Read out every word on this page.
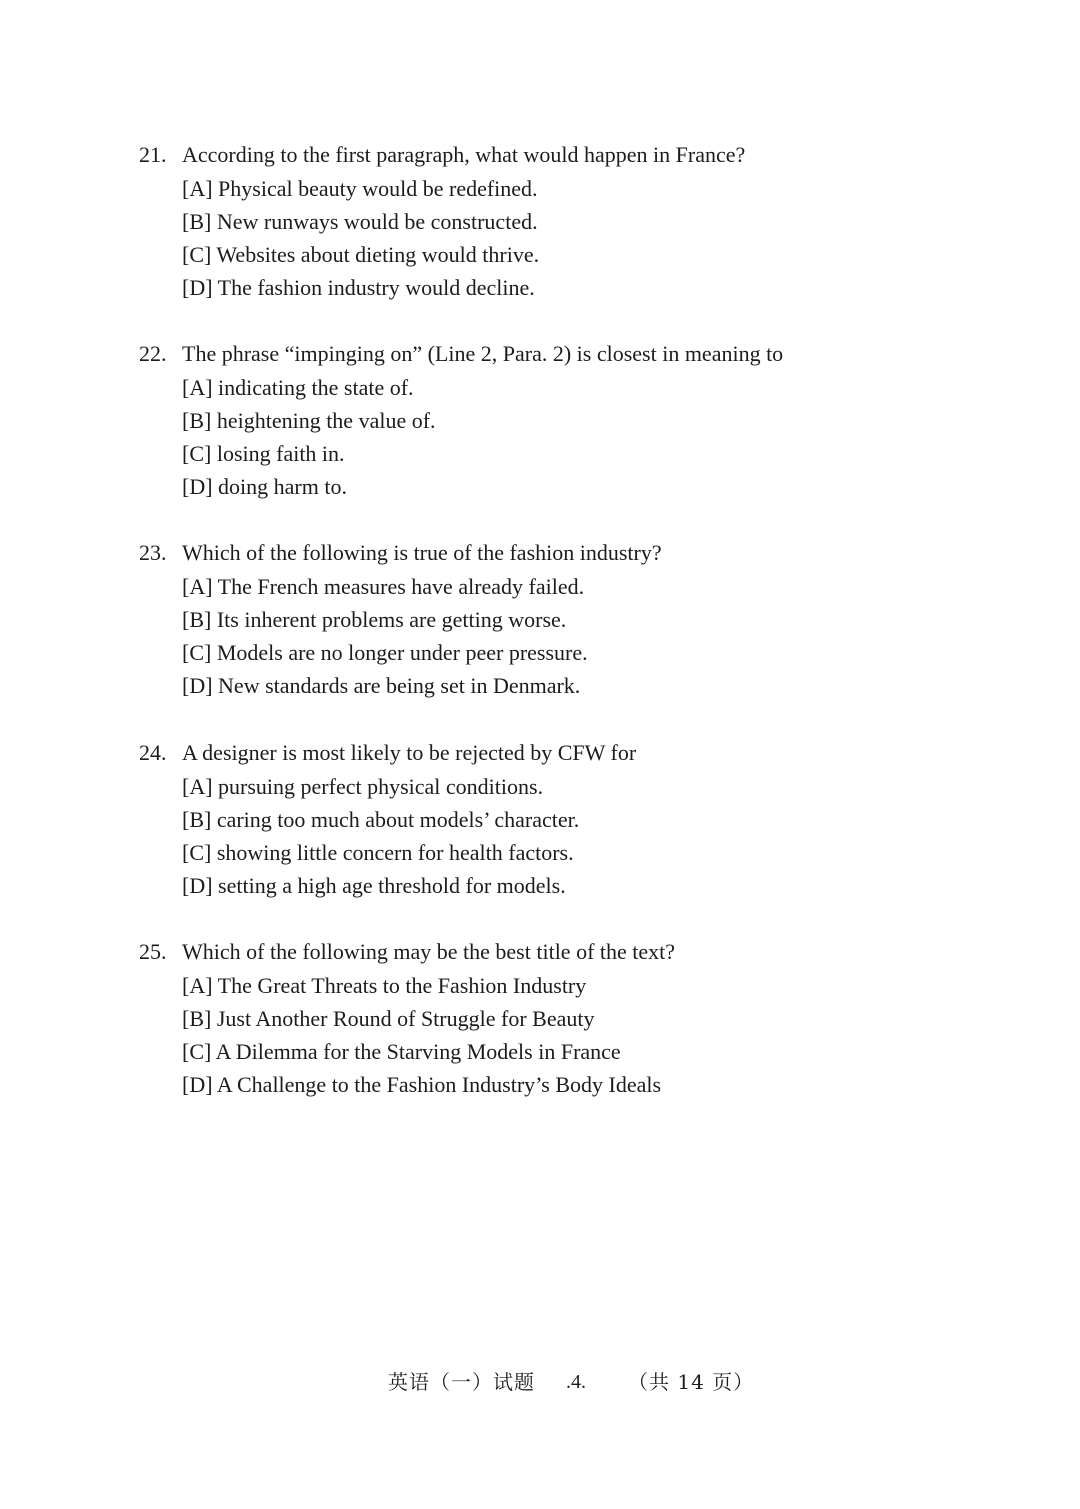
21. According to the first paragraph, what would happen in France?
[A] Physical beauty would be redefined.
[B] New runways would be constructed.
[C] Websites about dieting would thrive.
[D] The fashion industry would decline.
22. The phrase “impinging on” (Line 2, Para. 2) is closest in meaning to
[A] indicating the state of.
[B] heightening the value of.
[C] losing faith in.
[D] doing harm to.
23. Which of the following is true of the fashion industry?
[A] The French measures have already failed.
[B] Its inherent problems are getting worse.
[C] Models are no longer under peer pressure.
[D] New standards are being set in Denmark.
24. A designer is most likely to be rejected by CFW for
[A] pursuing perfect physical conditions.
[B] caring too much about models’ character.
[C] showing little concern for health factors.
[D] setting a high age threshold for models.
25. Which of the following may be the best title of the text?
[A] The Great Threats to the Fashion Industry
[B] Just Another Round of Struggle for Beauty
[C] A Dilemma for the Starving Models in France
[D] A Challenge to the Fashion Industry’s Body Ideals
英语（一）试题 .4. （共 14 页）
